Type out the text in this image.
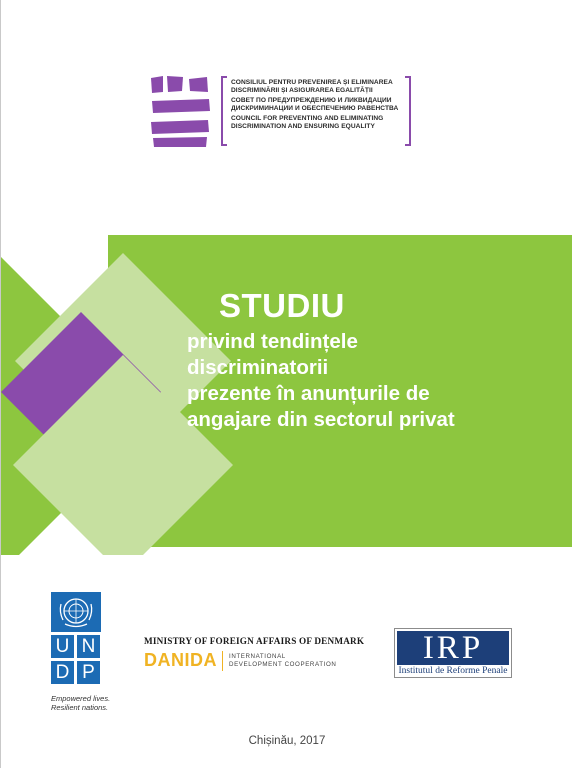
CONSILIUL PENTRU PREVENIREA ȘI ELIMINAREA
DISCRIMINĂRII ȘI ASIGURAREA EGALITĂȚII
СОВЕТ ПО ПРЕДУПРЕЖДЕНИЮ И ЛИКВИДАЦИИ
ДИСКРИМИНАЦИИ И ОБЕСПЕЧЕНИЮ РАВЕНСТВА
COUNCIL FOR PREVENTING AND ELIMINATING
DISCRIMINATION AND ENSURING EQUALITY
STUDIU
privind tendințele
discriminatorii
prezente în anunțurile de
angajare din sectorul privat
U N
D P
Empowered lives.
Resilient nations.
MINISTRY OF FOREIGN AFFAIRS OF DENMARK
DANIDA INTERNATIONAL
DEVELOPMENT COOPERATION	IRP
Institutul de Reforme Penale
Chișinău, 2017
